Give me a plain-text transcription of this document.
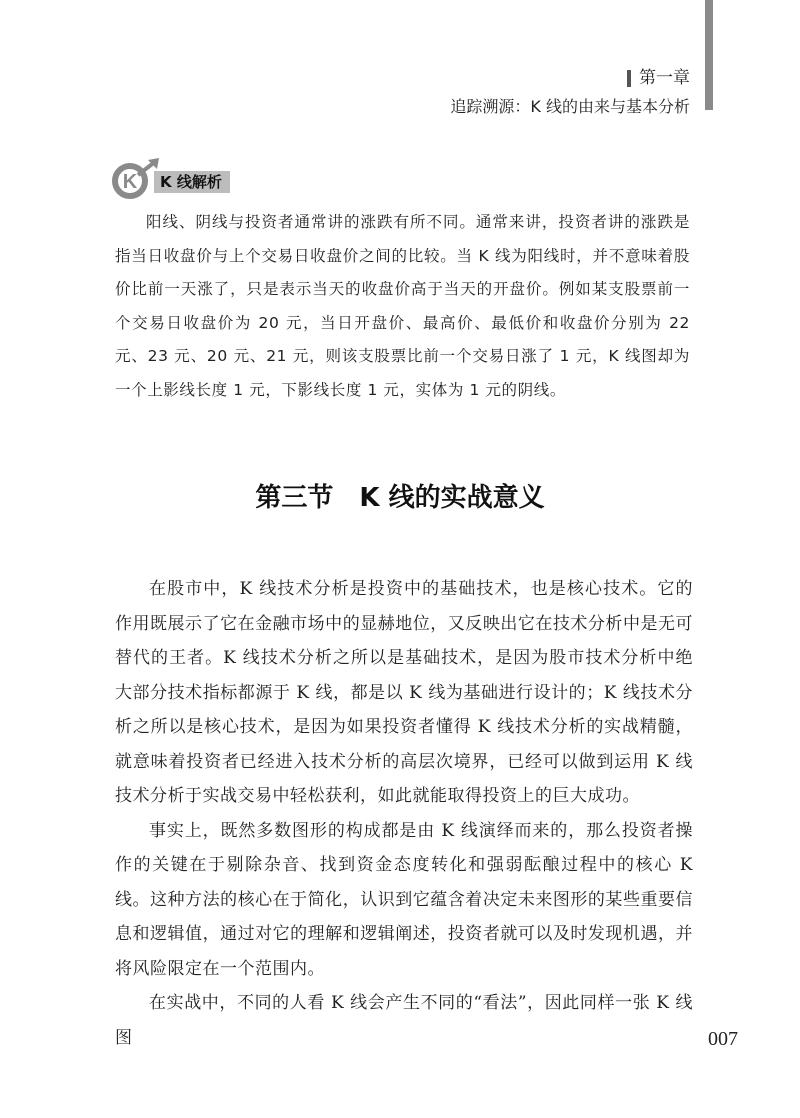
第一章
追踪溯源：K 线的由来与基本分析
K	K 线解析

阳线、阴线与投资者通常讲的涨跌有所不同。通常来讲，投资者讲的涨跌是指当日收盘价与上个交易日收盘价之间的比较。当 K 线为阳线时，并不意味着股价比前一天涨了，只是表示当天的收盘价高于当天的开盘价。例如某支股票前一个交易日收盘价为 20 元，当日开盘价、最高价、最低价和收盘价分别为 22 元、23 元、20 元、21 元，则该支股票比前一个交易日涨了 1 元，K 线图却为一个上影线长度 1 元，下影线长度 1 元，实体为 1 元的阴线。

第三节　K 线的实战意义

在股市中，K 线技术分析是投资中的基础技术，也是核心技术。它的作用既展示了它在金融市场中的显赫地位，又反映出它在技术分析中是无可替代的王者。K 线技术分析之所以是基础技术，是因为股市技术分析中绝大部分技术指标都源于 K 线，都是以 K 线为基础进行设计的；K 线技术分析之所以是核心技术，是因为如果投资者懂得 K 线技术分析的实战精髓，就意味着投资者已经进入技术分析的高层次境界，已经可以做到运用 K 线技术分析于实战交易中轻松获利，如此就能取得投资上的巨大成功。

事实上，既然多数图形的构成都是由 K 线演绎而来的，那么投资者操作的关键在于剔除杂音、找到资金态度转化和强弱酝酿过程中的核心 K 线。这种方法的核心在于简化，认识到它蕴含着决定未来图形的某些重要信息和逻辑值，通过对它的理解和逻辑阐述，投资者就可以及时发现机遇，并将风险限定在一个范围内。

在实战中，不同的人看 K 线会产生不同的“看法”，因此同样一张 K 线图	007
